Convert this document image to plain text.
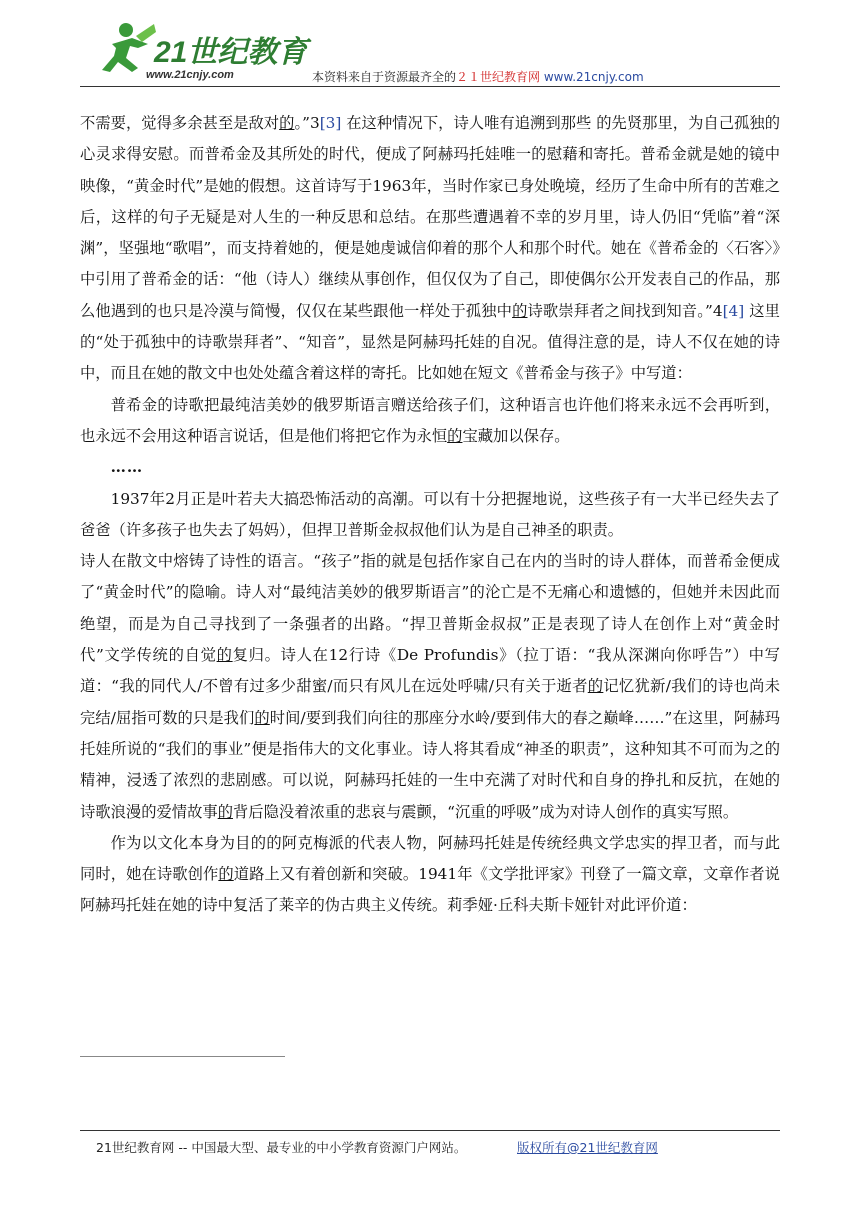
21世纪教育
www.21cnjy.com	本资料来自于资源最齐全的２１世纪教育网 www.21cnjy.com

不需要，觉得多余甚至是敌对的。”3[3] 在这种情况下，诗人唯有追溯到那些 的先贤那里，为自己孤独的心灵求得安慰。而普希金及其所处的时代，便成了阿赫玛托娃唯一的慰藉和寄托。普希金就是她的镜中映像，“黄金时代”是她的假想。这首诗写于1963年，当时作家已身处晚境，经历了生命中所有的苦难之后，这样的句子无疑是对人生的一种反思和总结。在那些遭遇着不幸的岁月里，诗人仍旧“凭临”着“深渊”，坚强地“歌唱”，而支持着她的，便是她虔诚信仰着的那个人和那个时代。她在《普希金的〈石客〉》中引用了普希金的话：“他（诗人）继续从事创作，但仅仅为了自己，即使偶尔公开发表自己的作品，那么他遇到的也只是冷漠与简慢，仅仅在某些跟他一样处于孤独中的诗歌崇拜者之间找到知音。”4[4] 这里的“处于孤独中的诗歌崇拜者”、“知音”，显然是阿赫玛托娃的自况。值得注意的是，诗人不仅在她的诗中，而且在她的散文中也处处蕴含着这样的寄托。比如她在短文《普希金与孩子》中写道：

普希金的诗歌把最纯洁美妙的俄罗斯语言赠送给孩子们，这种语言也许他们将来永远不会再听到，也永远不会用这种语言说话，但是他们将把它作为永恒的宝藏加以保存。

……

1937年2月正是叶若夫大搞恐怖活动的高潮。可以有十分把握地说，这些孩子有一大半已经失去了爸爸（许多孩子也失去了妈妈），但捍卫普斯金叔叔他们认为是自己神圣的职责。

诗人在散文中熔铸了诗性的语言。“孩子”指的就是包括作家自己在内的当时的诗人群体，而普希金便成了“黄金时代”的隐喻。诗人对“最纯洁美妙的俄罗斯语言”的沦亡是不无痛心和遗憾的，但她并未因此而绝望，而是为自己寻找到了一条强者的出路。“捍卫普斯金叔叔”正是表现了诗人在创作上对“黄金时代”文学传统的自觉的复归。诗人在12行诗《De Profundis》（拉丁语：“我从深渊向你呼告”）中写道：“我的同代人/不曾有过多少甜蜜/而只有风儿在远处呼啸/只有关于逝者的记忆犹新/我们的诗也尚未完结/屈指可数的只是我们的时间/要到我们向往的那座分水岭/要到伟大的春之巅峰……”在这里，阿赫玛托娃所说的“我们的事业”便是指伟大的文化事业。诗人将其看成“神圣的职责”，这种知其不可而为之的精神，浸透了浓烈的悲剧感。可以说，阿赫玛托娃的一生中充满了对时代和自身的挣扎和反抗，在她的诗歌浪漫的爱情故事的背后隐没着浓重的悲哀与震颤，“沉重的呼吸”成为对诗人创作的真实写照。

作为以文化本身为目的的阿克梅派的代表人物，阿赫玛托娃是传统经典文学忠实的捍卫者，而与此同时，她在诗歌创作的道路上又有着创新和突破。1941年《文学批评家》刊登了一篇文章，文章作者说阿赫玛托娃在她的诗中复活了莱辛的伪古典主义传统。莉季娅·丘科夫斯卡娅针对此评价道：

21世纪教育网 -- 中国最大型、最专业的中小学教育资源门户网站。	版权所有@21世纪教育网
